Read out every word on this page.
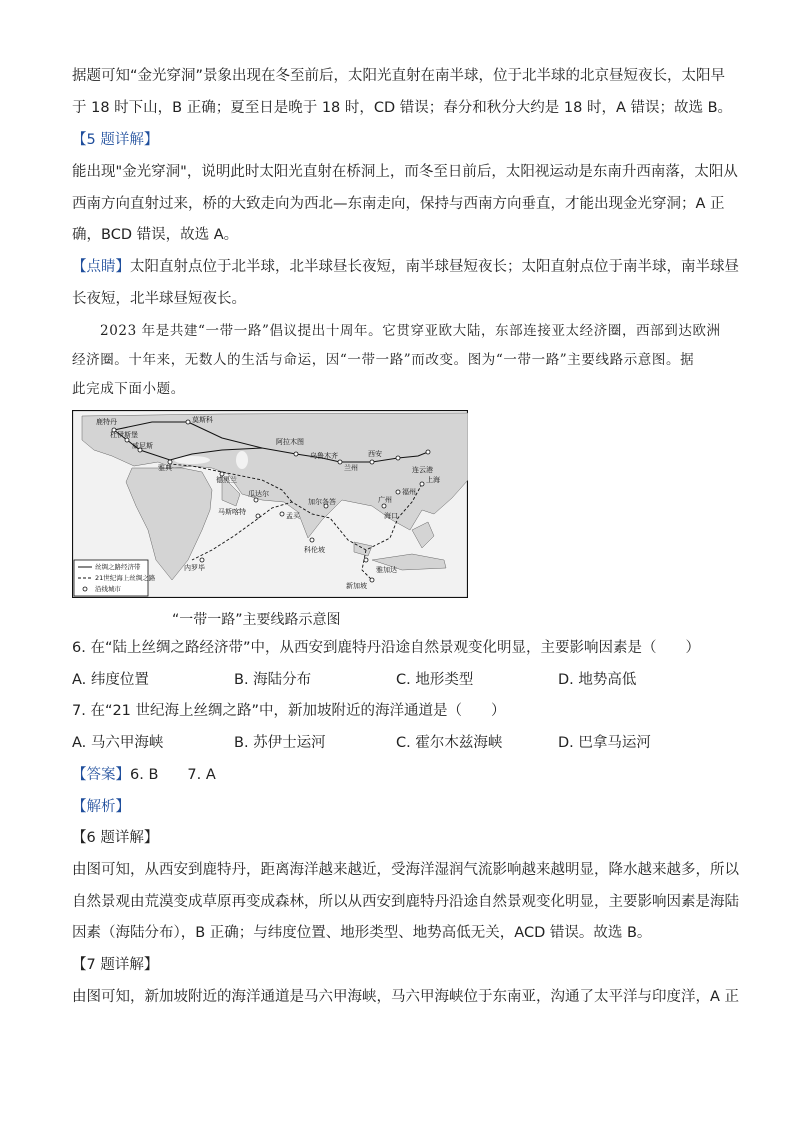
据题可知“金光穿洞”景象出现在冬至前后，太阳光直射在南半球，位于北半球的北京昼短夜长，太阳早
于 18 时下山，B 正确；夏至日是晚于 18 时，CD 错误；春分和秋分大约是 18 时，A 错误；故选 B。
【5 题详解】
能出现"金光穿洞"，说明此时太阳光直射在桥洞上，而冬至日前后，太阳视运动是东南升西南落，太阳从
西南方向直射过来，桥的大致走向为西北—东南走向，保持与西南方向垂直，才能出现金光穿洞；A 正
确，BCD 错误，故选 A。
【点睛】太阳直射点位于北半球，北半球昼长夜短，南半球昼短夜长；太阳直射点位于南半球，南半球昼
长夜短，北半球昼短夜长。
2023 年是共建“一带一路”倡议提出十周年。它贯穿亚欧大陆，东部连接亚太经济圈，西部到达欧洲
经济圈。十年来，无数人的生活与命运，因“一带一路”而改变。图为“一带一路”主要线路示意图。据
此完成下面小题。
鹿特丹	莫斯科
杜伊斯堡
威尼斯
雅典
德黑兰
阿拉木图
乌鲁木齐
兰州
西安
连云港
上海
福州
广州
海口
瓜达尔
加尔各答
马斯喀特	孟买
科伦坡
内罗毕	雅加达
新加坡
丝绸之路经济带
21世纪海上丝绸之路
沿线城市
“一带一路”主要线路示意图
6. 在“陆上丝绸之路经济带”中，从西安到鹿特丹沿途自然景观变化明显，主要影响因素是（　　）
A. 纬度位置	B. 海陆分布	C. 地形类型	D. 地势高低
7. 在“21 世纪海上丝绸之路”中，新加坡附近的海洋通道是（　　）
A. 马六甲海峡	B. 苏伊士运河	C. 霍尔木兹海峡	D. 巴拿马运河
【答案】6. B　　7. A
【解析】
【6 题详解】
由图可知，从西安到鹿特丹，距离海洋越来越近，受海洋湿润气流影响越来越明显，降水越来越多，所以
自然景观由荒漠变成草原再变成森林，所以从西安到鹿特丹沿途自然景观变化明显，主要影响因素是海陆
因素（海陆分布），B 正确；与纬度位置、地形类型、地势高低无关，ACD 错误。故选 B。
【7 题详解】
由图可知，新加坡附近的海洋通道是马六甲海峡，马六甲海峡位于东南亚，沟通了太平洋与印度洋，A 正
